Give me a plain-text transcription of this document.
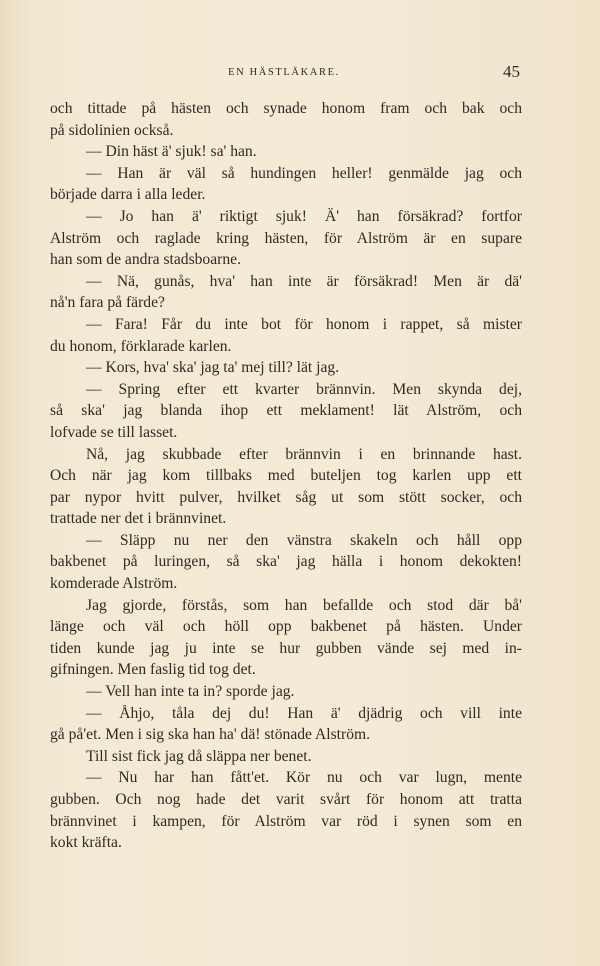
EN HÄSTLÄKARE.	45
och tittade på hästen och synade honom fram och bak och
på sidolinien också.
— Din häst ä' sjuk! sa' han.
— Han är väl så hundingen heller! genmälde jag och
började darra i alla leder.
— Jo han ä' riktigt sjuk! Ä' han försäkrad? fortfor
Alström och raglade kring hästen, för Alström är en supare
han som de andra stadsboarne.
— Nä, gunås, hva' han inte är försäkrad! Men är dä'
nå'n fara på färde?
— Fara! Får du inte bot för honom i rappet, så mister
du honom, förklarade karlen.
— Kors, hva' ska' jag ta' mej till? lät jag.
— Spring efter ett kvarter brännvin. Men skynda dej,
så ska' jag blanda ihop ett meklament! lät Alström, och
lofvade se till lasset.
Nå, jag skubbade efter brännvin i en brinnande hast.
Och när jag kom tillbaks med buteljen tog karlen upp ett
par nypor hvitt pulver, hvilket såg ut som stött socker, och
trattade ner det i brännvinet.
— Släpp nu ner den vänstra skakeln och håll opp
bakbenet på luringen, så ska' jag hälla i honom dekokten!
komderade Alström.
Jag gjorde, förstås, som han befallde och stod där bå'
länge och väl och höll opp bakbenet på hästen. Under
tiden kunde jag ju inte se hur gubben vände sej med in-
gifningen. Men faslig tid tog det.
— Vell han inte ta in? sporde jag.
— Åhjo, tåla dej du! Han ä' djädrig och vill inte
gå på'et. Men i sig ska han ha' dä! stönade Alström.
Till sist fick jag då släppa ner benet.
— Nu har han fått'et. Kör nu och var lugn, mente
gubben. Och nog hade det varit svårt för honom att tratta
brännvinet i kampen, för Alström var röd i synen som en
kokt kräfta.
